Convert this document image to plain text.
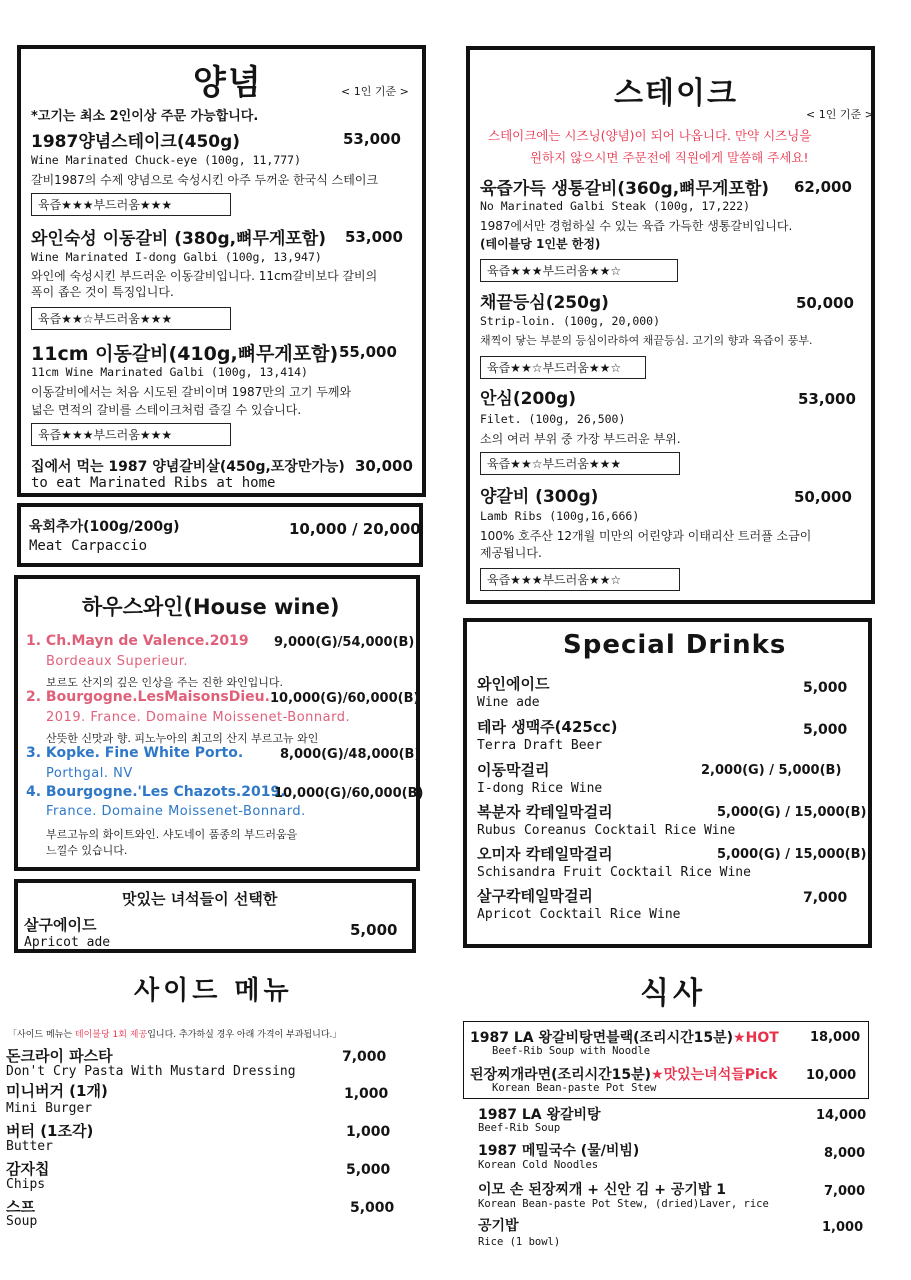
양념	< 1인 기준 >
*고기는 최소 2인이상 주문 가능합니다.
1987양념스테이크(450g)	53,000
Wine Marinated Chuck-eye (100g, 11,777)
갈비1987의 수제 양념으로 숙성시킨 아주 두꺼운 한국식 스테이크
육즙★★★부드러움★★★
와인숙성 이동갈비 (380g,뼈무게포함) 53,000
Wine Marinated I-dong Galbi (100g, 13,947)
와인에 숙성시킨 부드러운 이동갈비입니다. 11cm갈비보다 갈비의
폭이 좁은 것이 특징입니다.
육즙★★☆부드러움★★★
11cm 이동갈비(410g,뼈무게포함) 55,000
11cm Wine Marinated Galbi (100g, 13,414)
이동갈비에서는 처음 시도된 갈비이며 1987만의 고기 두께와
넓은 면적의 갈비를 스테이크처럼 즐길 수 있습니다.
육즙★★★부드러움★★★
집에서 먹는 1987 양념갈비살(450g,포장만가능) 30,000
to eat Marinated Ribs at home
육회추가(100g/200g)
Meat Carpaccio
10,000 / 20,000
하우스와인(House wine)
1. Ch.Mayn de Valence.2019 9,000(G)/54,000(B)
Bordeaux Superieur.
보르도 산지의 깊은 인상을 주는 진한 와인입니다.
2. Bourgogne.LesMaisonsDieu. 10,000(G)/60,000(B)
2019. France. Domaine Moissenet-Bonnard.
산뜻한 신맛과 향. 피노누아의 최고의 산지 부르고뉴 와인
3. Kopke. Fine White Porto.	8,000(G)/48,000(B)
Porthgal. NV
4. Bourgogne.'Les Chazots.2019.
10,000(G)/60,000(B)
France. Domaine Moissenet-Bonnard.
부르고뉴의 화이트와인. 샤도네이 품종의 부드러움을
느낄수 있습니다.
맛있는 녀석들이 선택한
살구에이드
Apricot ade
5,000
스테이크
< 1인 기준 >
스테이크에는 시즈닝(양념)이 되어 나옵니다. 만약 시즈닝을
원하지 않으시면 주문전에 직원에게 말씀해 주세요!
육즙가득 생통갈비(360g,뼈무게포함) 62,000
No Marinated Galbi Steak (100g, 17,222)
1987에서만 경험하실 수 있는 육즙 가득한 생통갈비입니다.
(테이블당 1인분 한정)
육즙★★★부드러움★★☆
채끝등심(250g)	50,000
Strip-loin. (100g, 20,000)
채찍이 닿는 부분의 등심이라하여 채끝등심. 고기의 향과 육즙이 풍부.
육즙★★☆부드러움★★☆
안심(200g)	53,000
Filet. (100g, 26,500)
소의 여러 부위 중 가장 부드러운 부위.
육즙★★☆부드러움★★★
양갈비 (300g)	50,000
Lamb Ribs (100g,16,666)
100% 호주산 12개월 미만의 어린양과 이태리산 트러플 소금이
제공됩니다.
육즙★★★부드러움★★☆
Special Drinks
와인에이드
Wine ade
5,000
테라 생맥주(425cc)
Terra Draft Beer
5,000
이동막걸리
I-dong Rice Wine
2,000(G) / 5,000(B)
복분자 칵테일막걸리
Rubus Coreanus Cocktail Rice Wine
5,000(G) / 15,000(B)
오미자 칵테일막걸리
Schisandra Fruit Cocktail Rice Wine
5,000(G) / 15,000(B)
살구칵테일막걸리
Apricot Cocktail Rice Wine
7,000
사이드 메뉴
「사이드 메뉴는 테이블당 1회 제공입니다. 추가하실 경우 아래 가격이 부과됩니다.」
돈크라이 파스타
Don't Cry Pasta With Mustard Dressing
7,000
미니버거 (1개)
Mini Burger
1,000
버터 (1조각)
Butter
1,000
감자칩
Chips
5,000
스프
Soup
5,000
식사
1987 LA 왕갈비탕면블랙(조리시간15분)★HOT
Beef-Rib Soup with Noodle
18,000
된장찌개라면(조리시간15분)★맛있는녀석들Pick
Korean Bean-paste Pot Stew
10,000
1987 LA 왕갈비탕
Beef-Rib Soup
14,000
1987 메밀국수 (물/비빔)
Korean Cold Noodles
8,000
이모 손 된장찌개 + 신안 김 + 공기밥 1
Korean Bean-paste Pot Stew, (dried)Laver, rice
7,000
공기밥
Rice (1 bowl)
1,000
